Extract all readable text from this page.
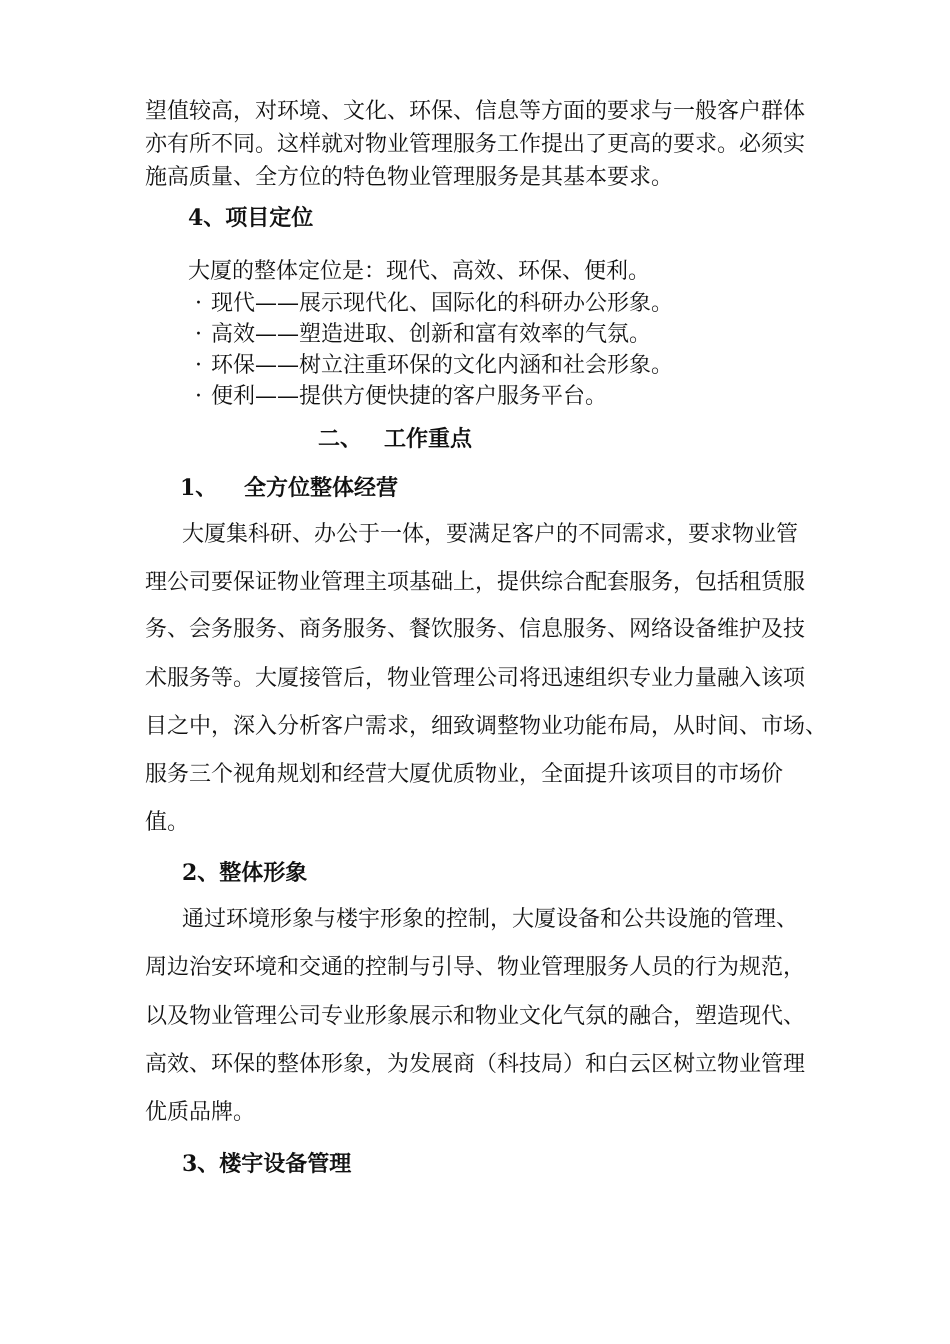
望值较高，对环境、文化、环保、信息等方面的要求与一般客户群体
亦有所不同。这样就对物业管理服务工作提出了更高的要求。必须实
施高质量、全方位的特色物业管理服务是其基本要求。
4、项目定位
大厦的整体定位是：现代、高效、环保、便利。
· 现代——展示现代化、国际化的科研办公形象。
· 高效——塑造进取、创新和富有效率的气氛。
· 环保——树立注重环保的文化内涵和社会形象。
· 便利——提供方便快捷的客户服务平台。
二、 工作重点
1、 全方位整体经营
大厦集科研、办公于一体，要满足客户的不同需求，要求物业管
理公司要保证物业管理主项基础上，提供综合配套服务，包括租赁服
务、会务服务、商务服务、餐饮服务、信息服务、网络设备维护及技
术服务等。大厦接管后，物业管理公司将迅速组织专业力量融入该项
目之中，深入分析客户需求，细致调整物业功能布局，从时间、市场、
服务三个视角规划和经营大厦优质物业，全面提升该项目的市场价
值。
2、整体形象
通过环境形象与楼宇形象的控制，大厦设备和公共设施的管理、
周边治安环境和交通的控制与引导、物业管理服务人员的行为规范，
以及物业管理公司专业形象展示和物业文化气氛的融合，塑造现代、
高效、环保的整体形象，为发展商（科技局）和白云区树立物业管理
优质品牌。
3、楼宇设备管理
